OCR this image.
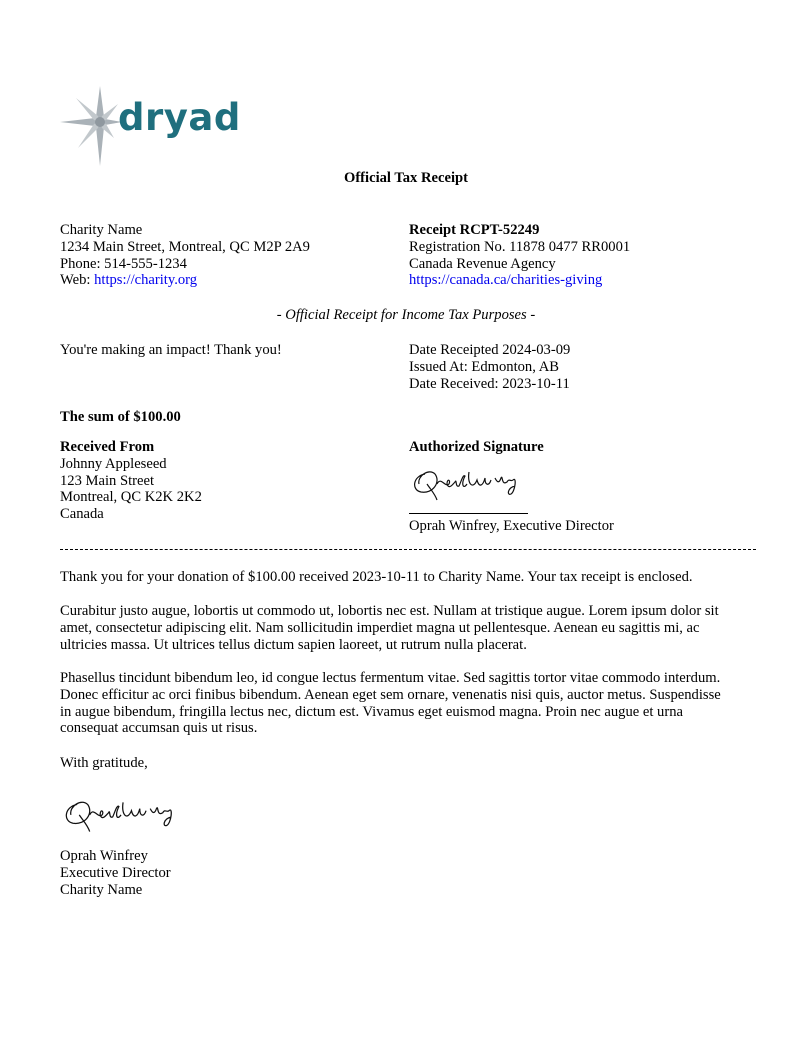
dryad
Official Tax Receipt

Charity Name

1234 Main Street, Montreal, QC M2P 2A9

Phone: 514-555-1234

Web: https://charity.org

Receipt RCPT-52249

Registration No. 11878 0477 RR0001

Canada Revenue Agency

https://canada.ca/charities-giving

- Official Receipt for Income Tax Purposes -
You're making an impact! Thank you!	Date Receipted 2024-03-09

Issued At: Edmonton, AB

Date Received: 2023-10-11

The sum of $100.00

Received From

Johnny Appleseed

123 Main Street

Montreal, QC K2K 2K2

Canada

Authorized Signature
Oprah Winfrey, Executive Director

Thank you for your donation of $100.00 received 2023-10-11 to Charity Name. Your tax receipt is enclosed.

Curabitur justo augue, lobortis ut commodo ut, lobortis nec est. Nullam at tristique augue. Lorem ipsum dolor sit

amet, consectetur adipiscing elit. Nam sollicitudin imperdiet magna ut pellentesque. Aenean eu sagittis mi, ac

ultricies massa. Ut ultrices tellus dictum sapien laoreet, ut rutrum nulla placerat.

Phasellus tincidunt bibendum leo, id congue lectus fermentum vitae. Sed sagittis tortor vitae commodo interdum.

Donec efficitur ac orci finibus bibendum. Aenean eget sem ornare, venenatis nisi quis, auctor metus. Suspendisse

in augue bibendum, fringilla lectus nec, dictum est. Vivamus eget euismod magna. Proin nec augue et urna

consequat accumsan quis ut risus.

With gratitude,

Oprah Winfrey

Executive Director

Charity Name
